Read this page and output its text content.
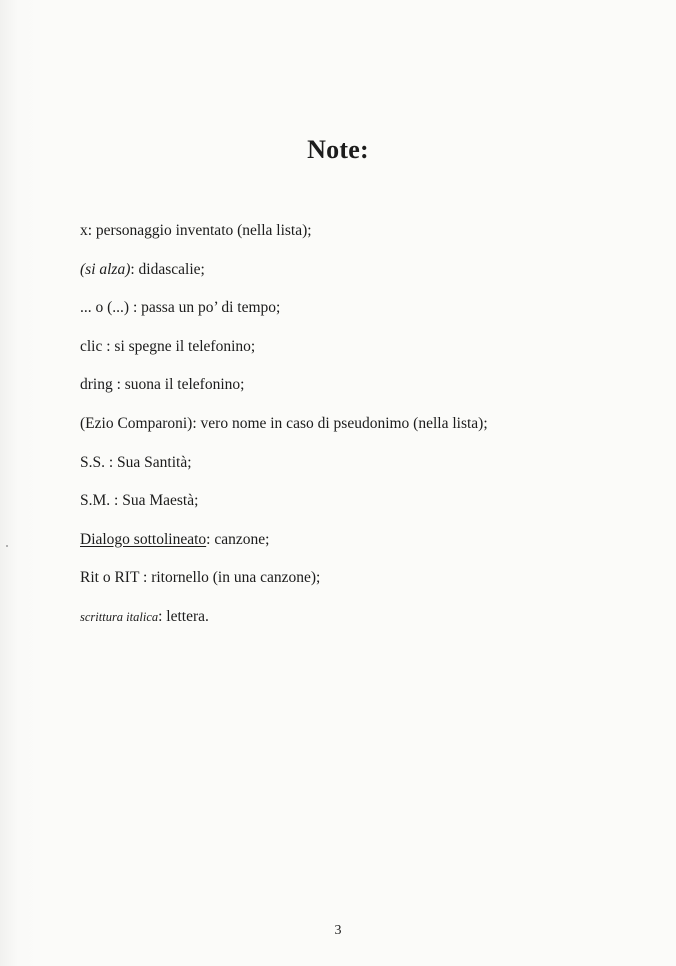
Note:
x: personaggio inventato (nella lista);
(si alza): didascalie;
... o (...) : passa un po’ di tempo;
clic : si spegne il telefonino;
dring : suona il telefonino;
(Ezio Comparoni): vero nome in caso di pseudonimo (nella lista);
S.S. : Sua Santità;
S.M. : Sua Maestà;
Dialogo sottolineato: canzone;
Rit o RIT : ritornello (in una canzone);
scrittura italica: lettera.
3
